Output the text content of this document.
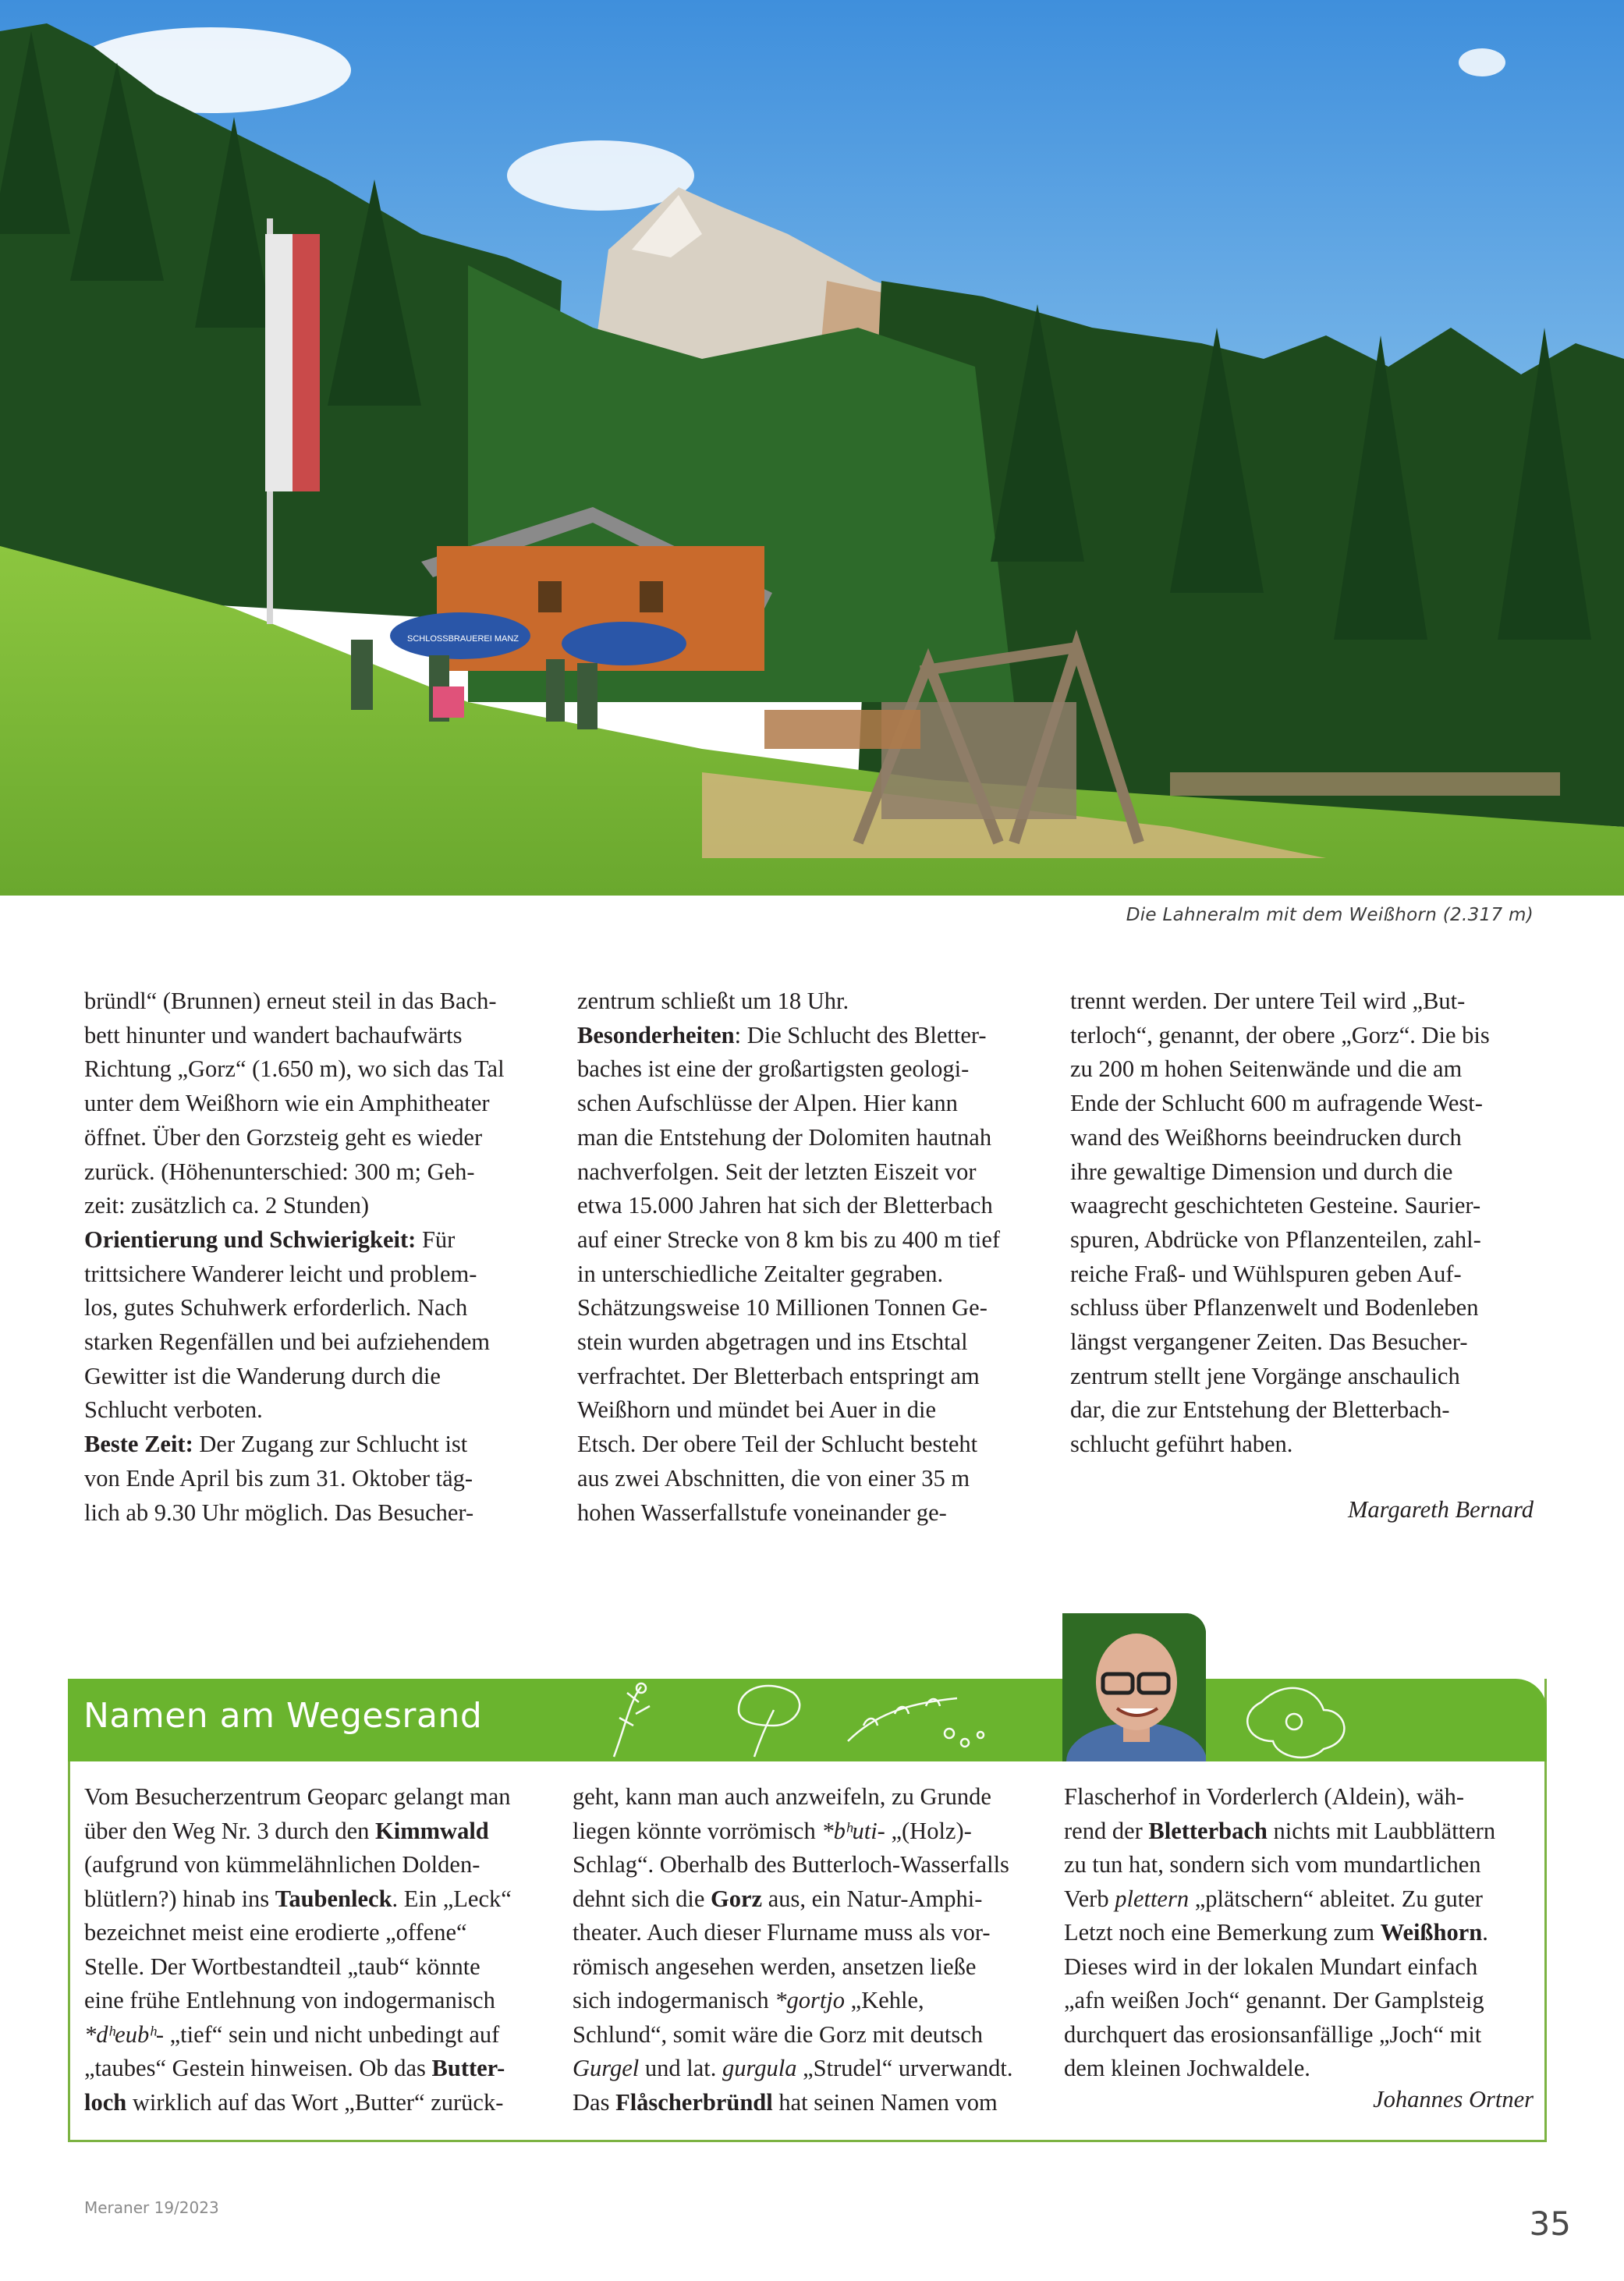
SCHLOSSBRAUEREI MANZ
Die Lahneralm mit dem Weißhorn (2.317 m)

bründl“ (Brunnen) erneut steil in das Bach-
bett hinunter und wandert bachaufwärts
Richtung „Gorz“ (1.650 m), wo sich das Tal
unter dem Weißhorn wie ein Amphitheater
öffnet. Über den Gorzsteig geht es wieder
zurück. (Höhenunterschied: 300 m; Geh-
zeit: zusätzlich ca. 2 Stunden)

Orientierung und Schwierigkeit: Für
trittsichere Wanderer leicht und problem-
los, gutes Schuhwerk erforderlich. Nach
starken Regenfällen und bei aufziehendem
Gewitter ist die Wanderung durch die
Schlucht verboten.

Beste Zeit: Der Zugang zur Schlucht ist
von Ende April bis zum 31. Oktober täg-
lich ab 9.30 Uhr möglich. Das Besucher-

zentrum schließt um 18 Uhr.

Besonderheiten: Die Schlucht des Bletter-
baches ist eine der großartigsten geologi-
schen Aufschlüsse der Alpen. Hier kann
man die Entstehung der Dolomiten hautnah
nachverfolgen. Seit der letzten Eiszeit vor
etwa 15.000 Jahren hat sich der Bletterbach
auf einer Strecke von 8 km bis zu 400 m tief
in unterschiedliche Zeitalter gegraben.
Schätzungsweise 10 Millionen Tonnen Ge-
stein wurden abgetragen und ins Etschtal
verfrachtet. Der Bletterbach entspringt am
Weißhorn und mündet bei Auer in die
Etsch. Der obere Teil der Schlucht besteht
aus zwei Abschnitten, die von einer 35 m
hohen Wasserfallstufe voneinander ge-

trennt werden. Der untere Teil wird „But-
terloch“, genannt, der obere „Gorz“. Die bis
zu 200 m hohen Seitenwände und die am
Ende der Schlucht 600 m aufragende West-
wand des Weißhorns beeindrucken durch
ihre gewaltige Dimension und durch die
waagrecht geschichteten Gesteine. Saurier-
spuren, Abdrücke von Pflanzenteilen, zahl-
reiche Fraß- und Wühlspuren geben Auf-
schluss über Pflanzenwelt und Bodenleben
längst vergangener Zeiten. Das Besucher-
zentrum stellt jene Vorgänge anschaulich
dar, die zur Entstehung der Bletterbach-
schlucht geführt haben.

Margareth Bernard
Namen am Wegesrand

Vom Besucherzentrum Geoparc gelangt man
über den Weg Nr. 3 durch den Kimmwald
(aufgrund von kümmelähnlichen Dolden-
blütlern?) hinab ins Taubenleck. Ein „Leck“
bezeichnet meist eine erodierte „offene“
Stelle. Der Wortbestandteil „taub“ könnte
eine frühe Entlehnung von indogermanisch
*dʰeubʰ- „tief“ sein und nicht unbedingt auf
„taubes“ Gestein hinweisen. Ob das Butter-
loch wirklich auf das Wort „Butter“ zurück-

geht, kann man auch anzweifeln, zu Grunde
liegen könnte vorrömisch *bʰuti- „(Holz)-
Schlag“. Oberhalb des Butterloch-Wasserfalls
dehnt sich die Gorz aus, ein Natur-Amphi-
theater. Auch dieser Flurname muss als vor-
römisch angesehen werden, ansetzen ließe
sich indogermanisch *gortjo „Kehle,
Schlund“, somit wäre die Gorz mit deutsch
Gurgel und lat. gurgula „Strudel“ urverwandt.
Das Flåscherbründl hat seinen Namen vom

Flascherhof in Vorderlerch (Aldein), wäh-
rend der Bletterbach nichts mit Laubblättern
zu tun hat, sondern sich vom mundartlichen
Verb plettern „plätschern“ ableitet. Zu guter
Letzt noch eine Bemerkung zum Weißhorn.
Dieses wird in der lokalen Mundart einfach
„afn weißen Joch“ genannt. Der Gamplsteig
durchquert das erosionsanfällige „Joch“ mit
dem kleinen Jochwaldele.

Johannes Ortner
Meraner 19/2023	35
